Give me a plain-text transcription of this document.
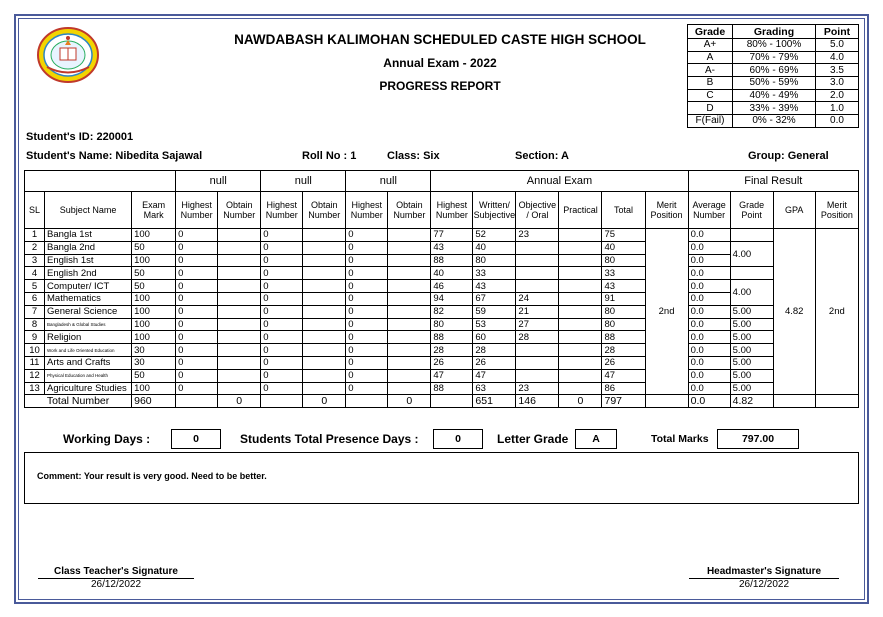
NAWDABASH KALIMOHAN SCHEDULED CASTE HIGH SCHOOL
Annual Exam - 2022
PROGRESS REPORT
Grade	Grading	Point
A+	80% - 100%	5.0
A	70% - 79%	4.0
A-	60% - 69%	3.5
B	50% - 59%	3.0
C	40% - 49%	2.0
D	33% - 39%	1.0
F(Fail)	0% - 32%	0.0
Student's ID: 220001
Student's Name: Nibedita Sajawal	Roll No : 1	Class: Six	Section: A	Group: General
			null		null		null		Annual Exam						Final Result			
SL	Subject Name	Exam Mark	Highest Number	Obtain Number	Highest Number	Obtain Number	Highest Number	Obtain Number	Highest Number	Written/ Subjective	Objective / Oral	Practical	Total	Merit Position	Average Number	Grade Point	GPA	Merit Position
1	Bangla 1st	100	0		0		0		77	52	23		75	2nd	0.0		4.82	2nd
2	Bangla 2nd	50	0		0		0		43	40			40		0.0	4.00		
3	English 1st	100	0		0		0		88	80			80		0.0			
4	English 2nd	50	0		0		0		40	33			33		0.0			
5	Computer/ ICT	50	0		0		0		46	43			43		0.0	4.00		
6	Mathematics	100	0		0		0		94	67	24		91		0.0			
7	General Science	100	0		0		0		82	59	21		80		0.0	5.00		
8	Bangladesh & Global Studies	100	0		0		0		80	53	27		80		0.0	5.00		
9	Religion	100	0		0		0		88	60	28		88		0.0	5.00		
10	Work and Life Oriented Education	30	0		0		0		28	28			28		0.0	5.00		
11	Arts and Crafts	30	0		0		0		26	26			26		0.0	5.00		
12	Physical Education and Health	50	0		0		0		47	47			47		0.0	5.00		
13	Agriculture Studies	100	0		0		0		88	63	23		86		0.0	5.00		
Total Number		960		0		0		0		651	146	0	797		0.0	4.82		
Working Days :	0	Students Total Presence Days :	0	Letter Grade	A	Total Marks	797.00
Comment: Your result is very good. Need to be better.
Class Teacher's Signature
26/12/2022
Headmaster's Signature
26/12/2022
